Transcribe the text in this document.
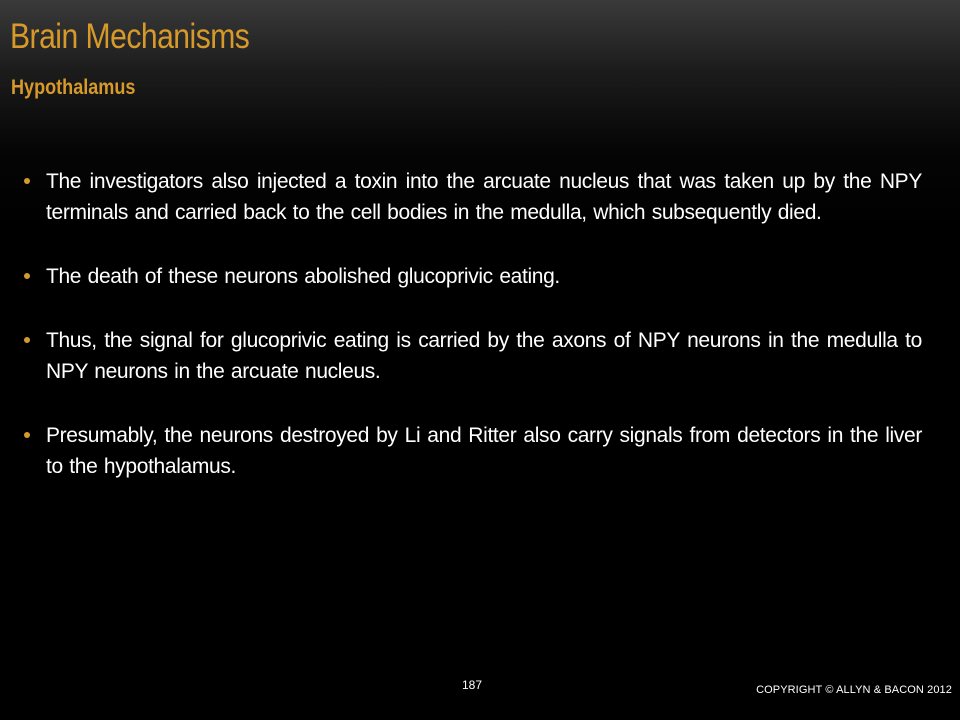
Brain Mechanisms
Hypothalamus
The investigators also injected a toxin into the arcuate nucleus that was taken up by the NPY terminals and carried back to the cell bodies in the medulla, which subsequently died.
The death of these neurons abolished glucoprivic eating.
Thus, the signal for glucoprivic eating is carried by the axons of NPY neurons in the medulla to NPY neurons in the arcuate nucleus.
Presumably, the neurons destroyed by Li and Ritter also carry signals from detectors in the liver to the hypothalamus.
187	COPYRIGHT © ALLYN & BACON 2012
